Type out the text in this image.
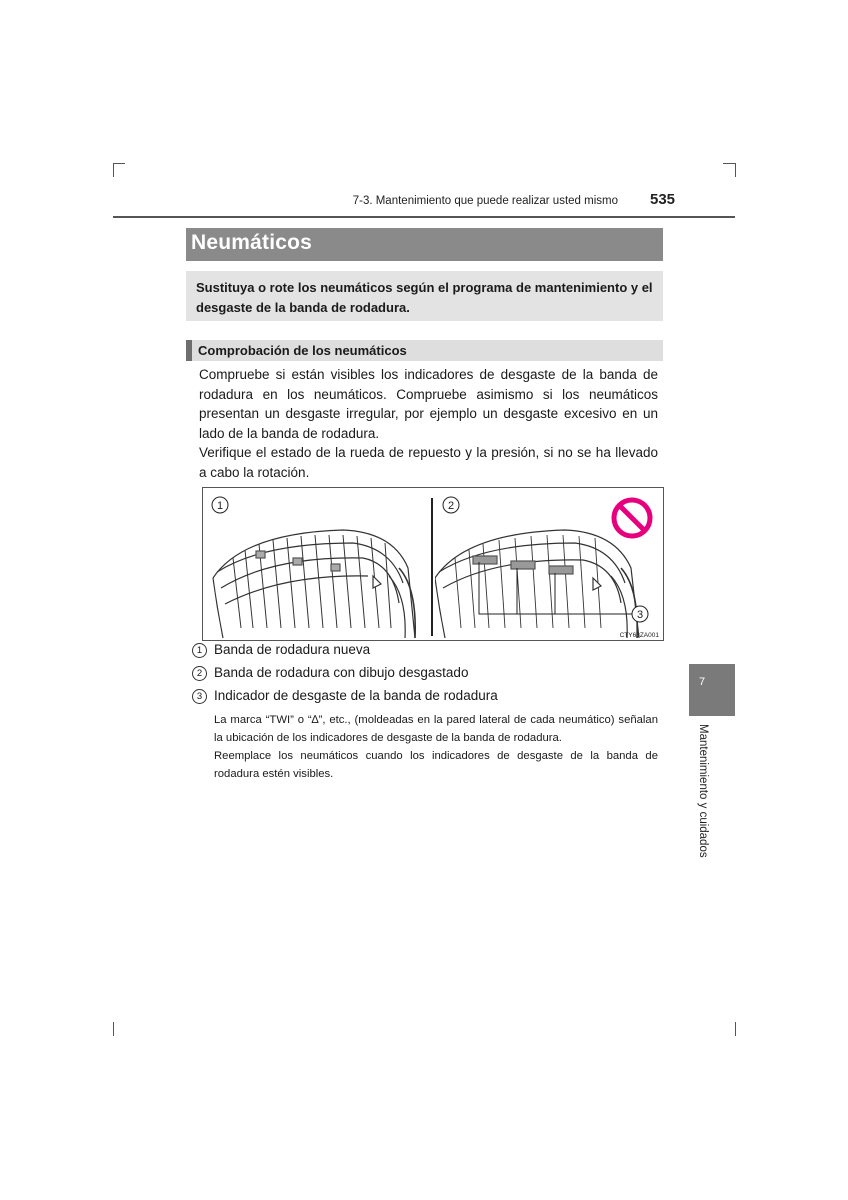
7-3. Mantenimiento que puede realizar usted mismo 535
Neumáticos
Sustituya o rote los neumáticos según el programa de mantenimiento y el desgaste de la banda de rodadura.
Comprobación de los neumáticos

Compruebe si están visibles los indicadores de desgaste de la banda de rodadura en los neumáticos. Compruebe asimismo si los neumáticos presentan un desgaste irregular, por ejemplo un desgaste excesivo en un lado de la banda de rodadura.

Verifique el estado de la rueda de repuesto y la presión, si no se ha llevado a cabo la rotación.

1	2
3
CTY63ZA001
1 Banda de rodadura nueva
2 Banda de rodadura con dibujo desgastado
3 Indicador de desgaste de la banda de rodadura

La marca “TWI” o “∆”, etc., (moldeadas en la pared lateral de cada neumático) señalan la ubicación de los indicadores de desgaste de la banda de rodadura.

Reemplace los neumáticos cuando los indicadores de desgaste de la banda de rodadura estén visibles.

7
Mantenimiento y cuidados
